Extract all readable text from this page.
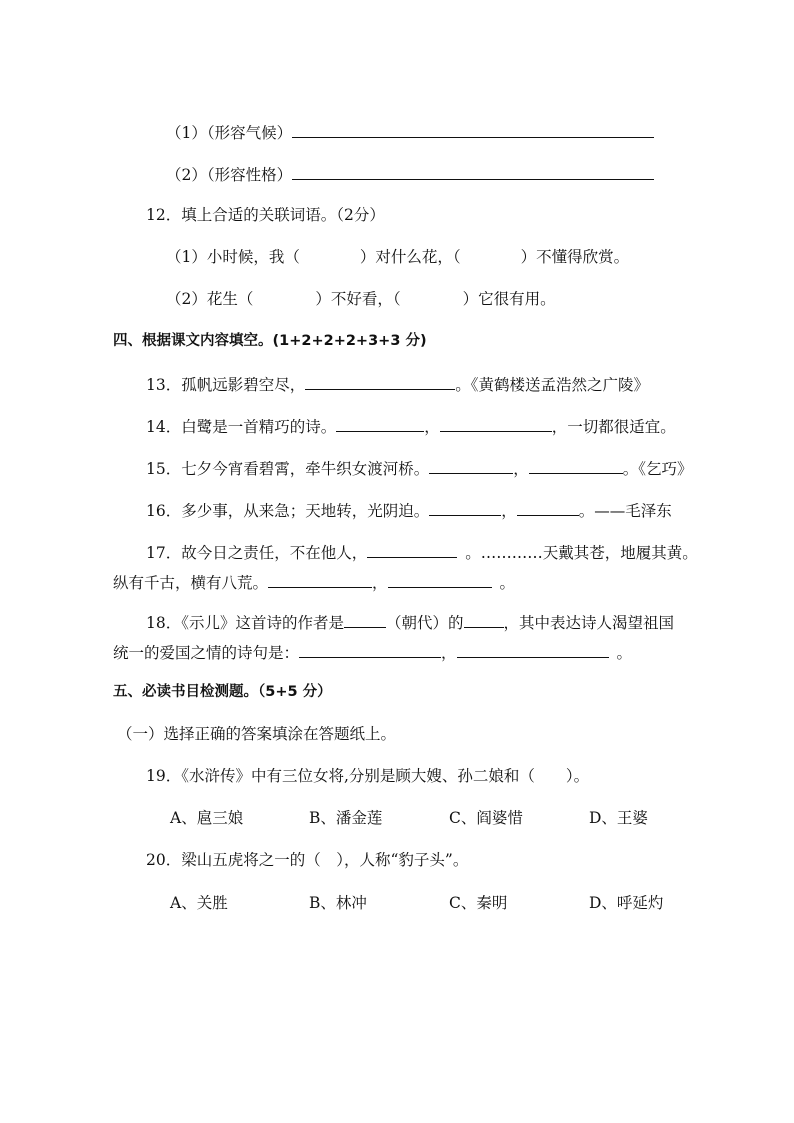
（1）（形容气候）
（2）（形容性格）
12．填上合适的关联词语。（2分）
（1）小时候，我（	）对什么花，（	）不懂得欣赏。
（2）花生（	）不好看，（	）它很有用。
四、根据课文内容填空。(1+2+2+2+3+3 分)
13．孤帆远影碧空尽，	。《黄鹤楼送孟浩然之广陵》
14．白鹭是一首精巧的诗。	，	，一切都很适宜。
15．七夕今宵看碧霄，牵牛织女渡河桥。	，	。《乞巧》
16．多少事，从来急；天地转，光阴迫。	，	。——毛泽东
17．故今日之责任，不在他人，	。…………天戴其苍，地履其黄。
纵有千古，横有八荒。	，	。
18．《示儿》这首诗的作者是	（朝代）的	，其中表达诗人渴望祖国
统一的爱国之情的诗句是：	，	。
五、必读书目检测题。（5+5 分）
（一）选择正确的答案填涂在答题纸上。
19．《水浒传》中有三位女将,分别是顾大嫂、孙二娘和（　　）。
A、扈三娘	B、潘金莲	C、阎婆惜	D、王婆
20．梁山五虎将之一的（　），人称“豹子头”。
A、关胜	B、林冲	C、秦明	D、呼延灼
